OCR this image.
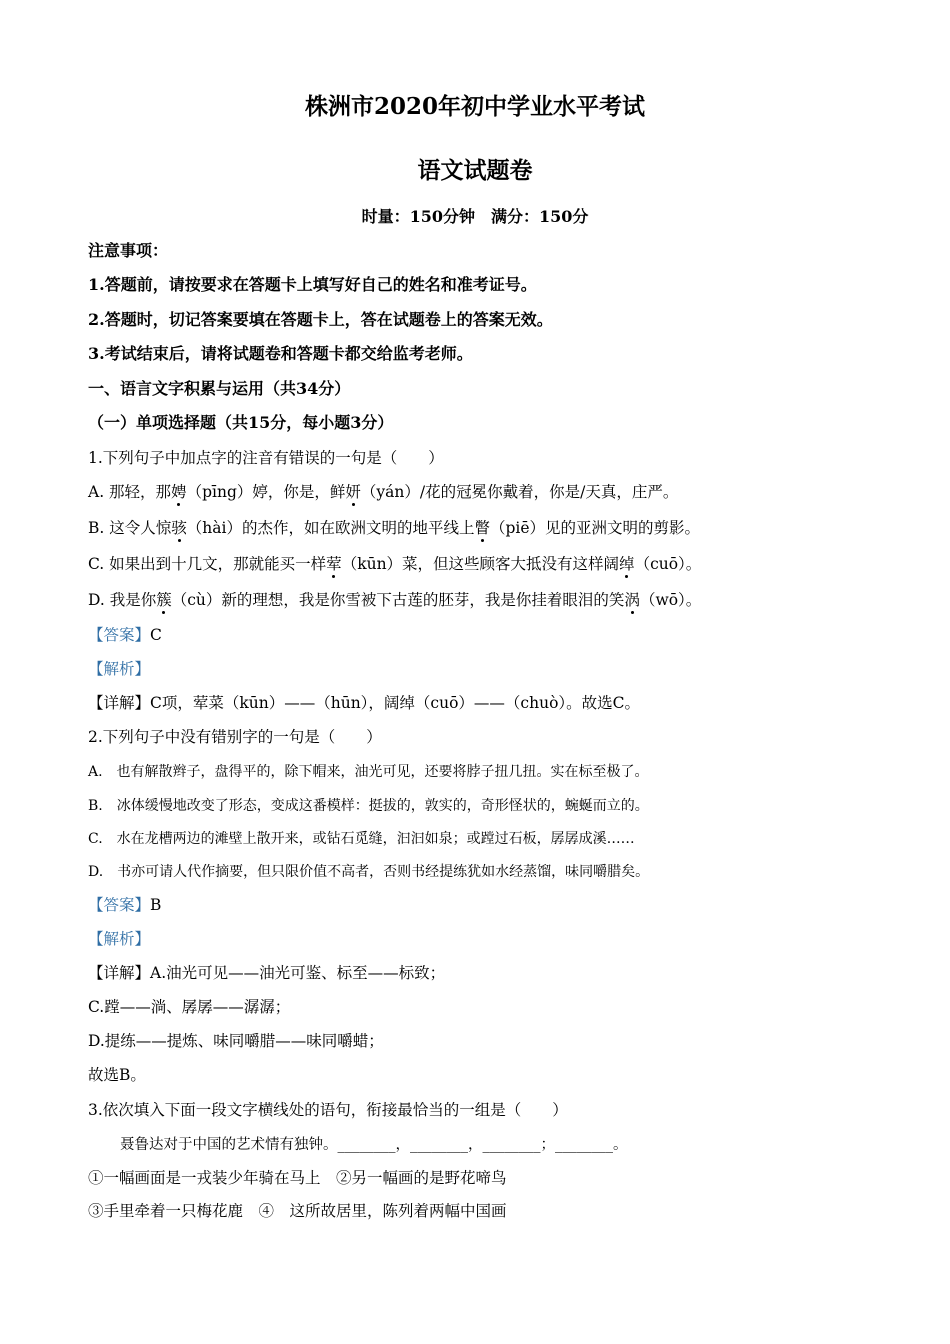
株洲市2020年初中学业水平考试
语文试题卷
时量：150分钟　满分：150分
注意事项：
1.答题前，请按要求在答题卡上填写好自己的姓名和准考证号。
2.答题时，切记答案要填在答题卡上，答在试题卷上的答案无效。
3.考试结束后，请将试题卷和答题卡都交给监考老师。
一、语言文字积累与运用（共34分）
（一）单项选择题（共15分，每小题3分）
1.下列句子中加点字的注音有错误的一句是（　　）
A. 那轻，那娉（pīng）婷，你是，鲜妍（yán）/花的冠冕你戴着，你是/天真，庄严。
B. 这令人惊骇（hài）的杰作，如在欧洲文明的地平线上瞥（piē）见的亚洲文明的剪影。
C. 如果出到十几文，那就能买一样荤（kūn）菜，但这些顾客大抵没有这样阔绰（cuō）。
D. 我是你簇（cù）新的理想，我是你雪被下古莲的胚芽，我是你挂着眼泪的笑涡（wō）。
【答案】C
【解析】
【详解】C项，荤菜（kūn）——（hūn），阔绰（cuō）——（chuò）。故选C。
2.下列句子中没有错别字的一句是（　　）
A.　也有解散辫子，盘得平的，除下帽来，油光可见，还要将脖子扭几扭。实在标至极了。
B.　冰体缓慢地改变了形态，变成这番模样：挺拔的，敦实的，奇形怪状的，蜿蜒而立的。
C.　水在龙槽两边的滩壁上散开来，或钻石觅缝，汩汩如泉；或蹚过石板，孱孱成溪……
D.　书亦可请人代作摘要，但只限价值不高者，否则书经提练犹如水经蒸馏，味同嚼腊矣。
【答案】B
【解析】
【详解】A.油光可见——油光可鉴、标至——标致；
C.蹚——淌、孱孱——潺潺；
D.提练——提炼、味同嚼腊——味同嚼蜡；
故选B。
3.依次填入下面一段文字横线处的语句，衔接最恰当的一组是（　　）
聂鲁达对于中国的艺术情有独钟。________，________，________；________。
①一幅画面是一戎装少年骑在马上　②另一幅画的是野花啼鸟
③手里牵着一只梅花鹿　④　这所故居里，陈列着两幅中国画
